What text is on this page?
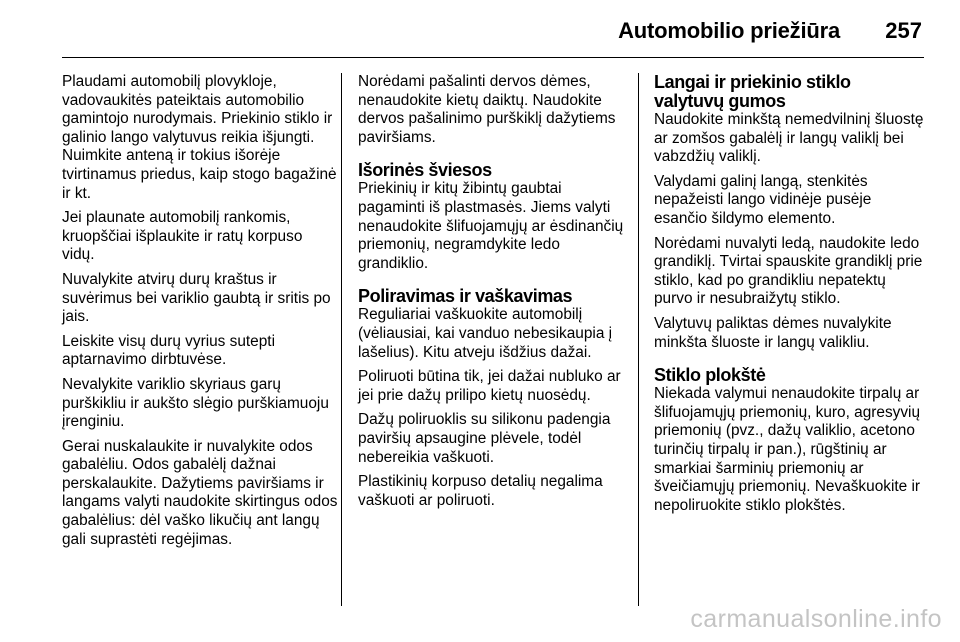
Automobilio priežiūra 257

Plaudami automobilį plovykloje, vadovaukitės pateiktais automobilio gamintojo nurodymais. Priekinio stiklo ir galinio lango valytuvus reikia išjungti. Nuimkite anteną ir tokius išorėje tvirtinamus priedus, kaip stogo bagažinė ir kt.

Jei plaunate automobilį rankomis, kruopščiai išplaukite ir ratų korpuso vidų.

Nuvalykite atvirų durų kraštus ir suvėrimus bei variklio gaubtą ir sritis po jais.

Leiskite visų durų vyrius sutepti aptarnavimo dirbtuvėse.

Nevalykite variklio skyriaus garų purškikliu ir aukšto slėgio purškiamuoju įrenginiu.

Gerai nuskalaukite ir nuvalykite odos gabalėliu. Odos gabalėlį dažnai perskalaukite. Dažytiems paviršiams ir langams valyti naudokite skirtingus odos gabalėlius: dėl vaško likučių ant langų gali suprastėti regėjimas.

Norėdami pašalinti dervos dėmes, nenaudokite kietų daiktų. Naudokite dervos pašalinimo purškiklį dažytiems paviršiams.

Išorinės šviesos

Priekinių ir kitų žibintų gaubtai pagaminti iš plastmasės. Jiems valyti nenaudokite šlifuojamųjų ar ėsdinančių priemonių, negramdykite ledo grandiklio.

Poliravimas ir vaškavimas

Reguliariai vaškuokite automobilį (vėliausiai, kai vanduo nebesikaupia į lašelius). Kitu atveju išdžius dažai.

Poliruoti būtina tik, jei dažai nubluko ar jei prie dažų prilipo kietų nuosėdų.

Dažų poliruoklis su silikonu padengia paviršių apsaugine plėvele, todėl nebereikia vaškuoti.

Plastikinių korpuso detalių negalima vaškuoti ar poliruoti.

Langai ir priekinio stiklo valytuvų gumos

Naudokite minkštą nemedvilninį šluostę ar zomšos gabalėlį ir langų valiklį bei vabzdžių valiklį.

Valydami galinį langą, stenkitės nepažeisti lango vidinėje pusėje esančio šildymo elemento.

Norėdami nuvalyti ledą, naudokite ledo grandiklį. Tvirtai spauskite grandiklį prie stiklo, kad po grandikliu nepatektų purvo ir nesubraižytų stiklo.

Valytuvų paliktas dėmes nuvalykite minkšta šluoste ir langų valikliu.

Stiklo plokštė

Niekada valymui nenaudokite tirpalų ar šlifuojamųjų priemonių, kuro, agresyvių priemonių (pvz., dažų valiklio, acetono turinčių tirpalų ir pan.), rūgštinių ar smarkiai šarminių priemonių ar šveičiamųjų priemonių. Nevaškuokite ir nepoliruokite stiklo plokštės.

carmanualsonline.info
